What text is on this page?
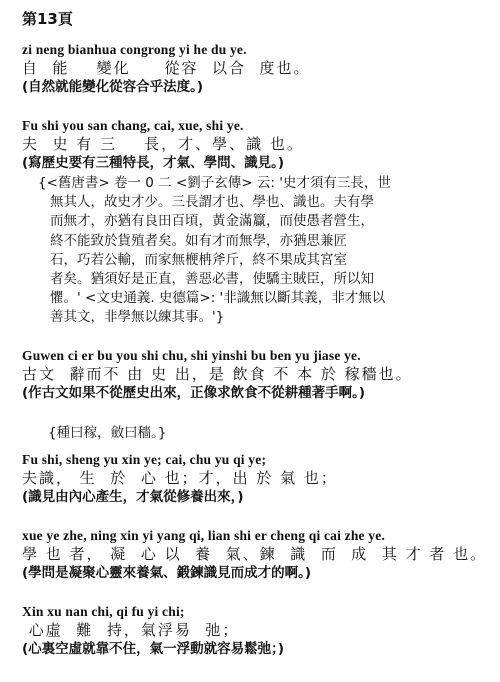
第13頁
zi neng bianhua congrong yi he du ye.
自  能    變化     從容  以合  度也。
(自然就能變化從容合乎法度。)
Fu shi you san chang, cai, xue, shi ye.
夫  史 有 三    長，才、學、識 也。
(寫歷史要有三種特長，才氣、學問、識見。)
{<舊唐書> 卷一 0 二 <劉子玄傳> 云: '史才須有三長，世
無其人，故史才少。三長謂才也、學也、識也。夫有學
而無才，亦猶有良田百頃，黃金滿籯，而使愚者營生，
終不能致於貨殖者矣。如有才而無學，亦猶思兼匠
石，巧若公輸，而家無楩柟斧斤，終不果成其宮室
者矣。猶須好是正直，善惡必書，使驕主賊臣，所以知
懼。' <文史通義. 史德篇>: '非識無以斷其義，非才無以
善其文，非學無以練其事。'}
Guwen ci er bu you shi chu, shi yinshi bu ben yu jiase ye.
古文  辭而不 由 史 出，是 飲食 不 本 於 稼穡也。
(作古文如果不從歷史出來，正像求飲食不從耕種著手啊。)
{種曰稼，斂曰穡。}
Fu shi, sheng yu xin ye; cai, chu yu qi ye;
夫識， 生  於  心 也；才，出 於 氣 也；
(識見由內心產生，才氣從修養出來，)
xue ye zhe, ning xin yi yang qi, lian shi er cheng qi cai zhe ye.
學 也 者， 凝  心 以  養  氣、鍊  識  而  成  其 才 者 也。
(學問是凝聚心靈來養氣、鍛鍊識見而成才的啊。)
Xin xu nan chi, qi fu yi chi;
心虛  難  持，氣浮易  弛；
(心裏空虛就靠不住，氣一浮動就容易鬆弛；)
